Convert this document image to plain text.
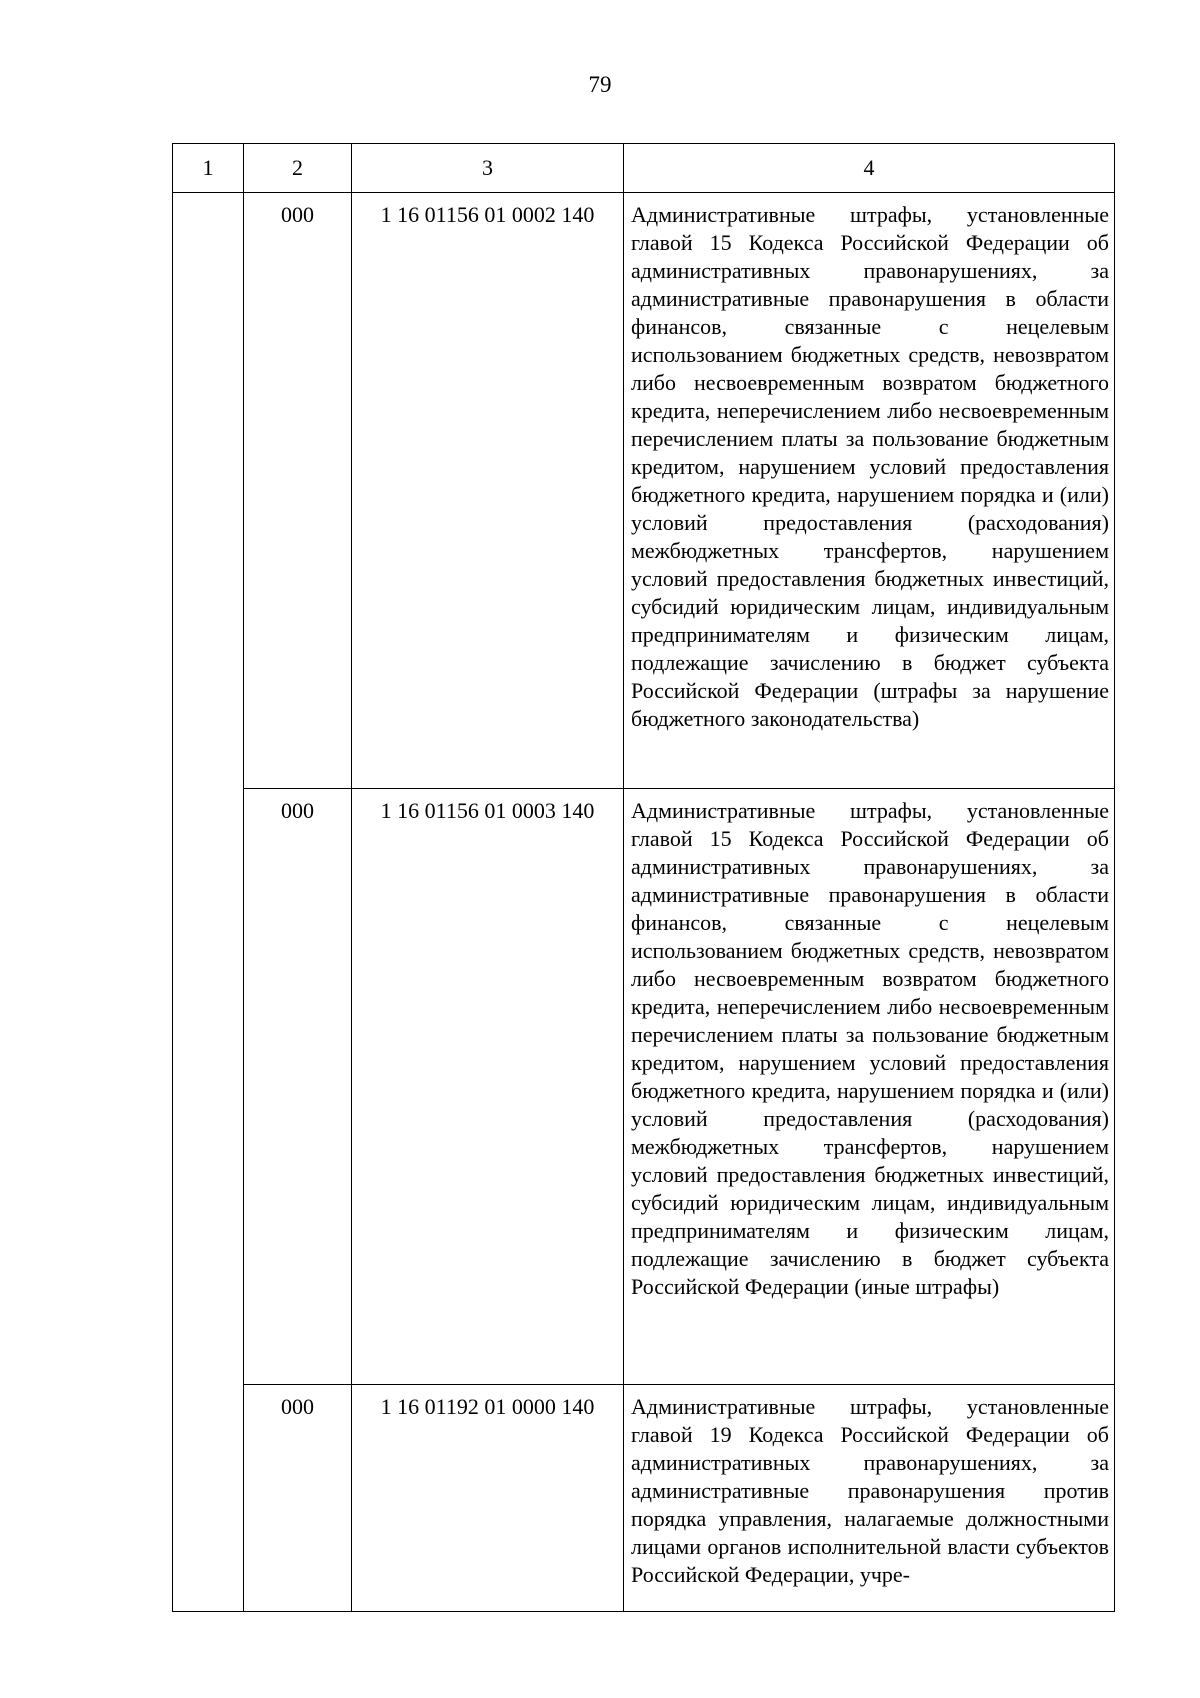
79
1	2	3	4
	000	1 16 01156 01 0002 140	Административные штрафы, установленные главой 15 Кодекса Российской Федерации об административных правонарушениях, за административные правонарушения в области финансов, связанные с нецелевым использованием бюджетных средств, невозвратом либо несвоевременным возвратом бюджетного кредита, неперечислением либо несвоевременным перечислением платы за пользование бюджетным кредитом, нарушением условий предоставления бюджетного кредита, нарушением порядка и (или) условий предоставления (расходования) межбюджетных трансфертов, нарушением условий предоставления бюджетных инвестиций, субсидий юридическим лицам, индивидуальным предпринимателям и физическим лицам, подлежащие зачислению в бюджет субъекта Российской Федерации (штрафы за нарушение бюджетного законодательства)
	000	1 16 01156 01 0003 140	Административные штрафы, установленные главой 15 Кодекса Российской Федерации об административных правонарушениях, за административные правонарушения в области финансов, связанные с нецелевым использованием бюджетных средств, невозвратом либо несвоевременным возвратом бюджетного кредита, неперечислением либо несвоевременным перечислением платы за пользование бюджетным кредитом, нарушением условий предоставления бюджетного кредита, нарушением порядка и (или) условий предоставления (расходования) межбюджетных трансфертов, нарушением условий предоставления бюджетных инвестиций, субсидий юридическим лицам, индивидуальным предпринимателям и физическим лицам, подлежащие зачислению в бюджет субъекта Российской Федерации (иные штрафы)
	000	1 16 01192 01 0000 140	Административные штрафы, установленные главой 19 Кодекса Российской Федерации об административных правонарушениях, за административные правонарушения против порядка управления, налагаемые должностными лицами органов исполнительной власти субъектов Российской Федерации, учре-
